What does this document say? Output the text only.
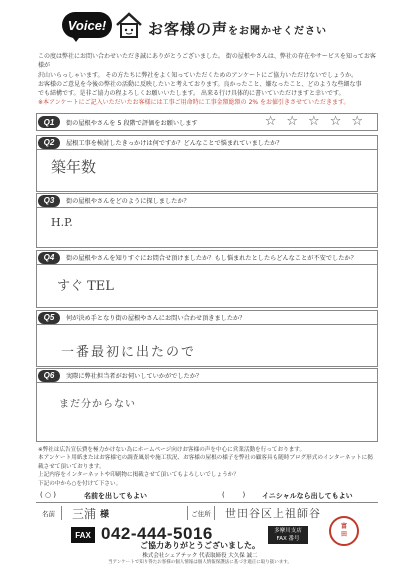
Voice!	お客様の声をお聞かせください
この度は弊社にお問い合わせいただき誠にありがとうございました。 街の屋根やさんは、弊社の存在やサービスを知ってお客様が
沢山いらっしゃいます。 その方たちに弊社をよく知っていただくためのアンケートにご協力いただけないでしょうか。
お客様のご意見を今後の弊社の活動に反映したいと考えております。良かったこと、嫌なったこと、どのような些細な事
でも結構です。是非ご協力の程よろしくお願いいたします。 出来る行け具体的に書いていただけますと幸いです。
※本アンケートにご記入いただいたお客様には工事ご用命時に工事金額総額の 2% をお値引きさせていただきます。
Q1	街の屋根やさんを 5 段階で評価をお願いします	☆ ☆ ☆ ☆ ☆
Q2	屋根工事を検討したきっかけは何ですか？どんなことで悩まれていましたか？
築年数
Q3	街の屋根やさんをどのように探しましたか？
H.P.
Q4	街の屋根やさんを知りすぐにお問合せ頂けましたか？もし悩まれたとしたらどんなことが不安でしたか？
すぐ TEL
Q5	何が決め手となり街の屋根やさんにお問い合わせ頂きましたか？
一番最初に出たので
Q6	実際に弊社担当者がお伺いしていかがでしたか？
まだ分からない
※弊社は広告宣伝費を極力かけない為にホームページ向けお客様の声を中心に営業活動を行っております。
本アンケート用紙またはお客様宅の調査風景や施工状況、お客様の屋根の様子を弊社の顧客具も随時ブログ形式のインターネットに掲載させて頂いております。
上記内容をインターネットや印刷物に掲載させて頂いてもよろしいでしょうか？
下記の中から○を付けて下さい。
( ○ )	名前を出してもよい	(        ) イニシャルなら出してもよい
名前	三浦 様	ご住所	世田谷区上祖師谷
FAX 042-444-5016	多摩川支店
FAX 番号
富
田
ご協力ありがとうございました。
株式会社シェアテック 代表取締役 大久保 誠二
当アンケートで知り得たお客様の個人情報は個人情報保護法に基づき適正に取り扱います。
